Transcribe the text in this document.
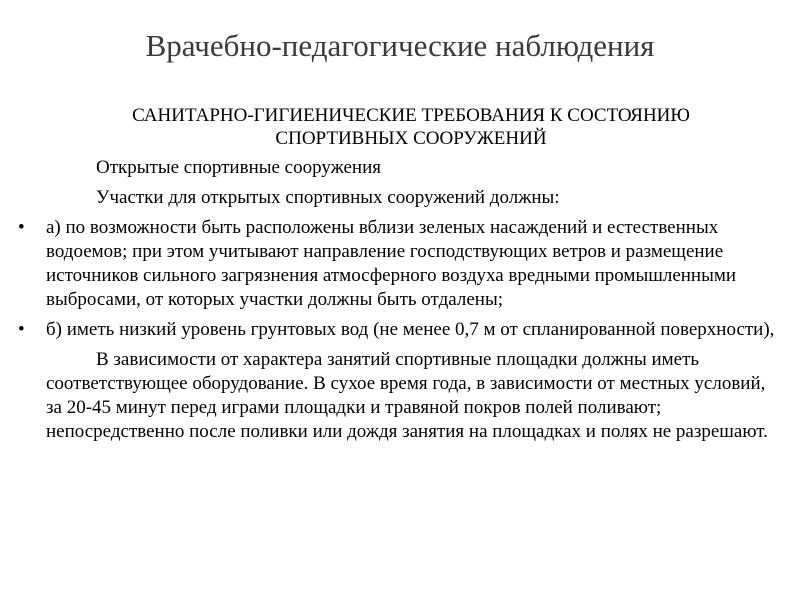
Врачебно-педагогические наблюдения
САНИТАРНО-ГИГИЕНИЧЕСКИЕ ТРЕБОВАНИЯ К СОСТОЯНИЮ
СПОРТИВНЫХ СООРУЖЕНИЙ
Открытые спортивные сооружения
Участки для открытых спортивных сооружений должны:
• а) по возможности быть расположены вблизи зеленых насаждений и естественных водоемов; при этом учитывают направление господствующих ветров и размещение источников сильного загрязнения атмосферного воздуха вредными промышленными выбросами, от которых участки должны быть отдалены;
• б) иметь низкий уровень грунтовых вод (не менее 0,7 м от спланированной поверхности),
В зависимости от характера занятий спортивные площадки должны иметь соответствующее оборудование. В сухое время года, в зависимости от местных условий, за 20-45 минут перед играми площадки и травяной покров полей поливают; непосредственно после поливки или дождя занятия на площадках и полях не разрешают.
